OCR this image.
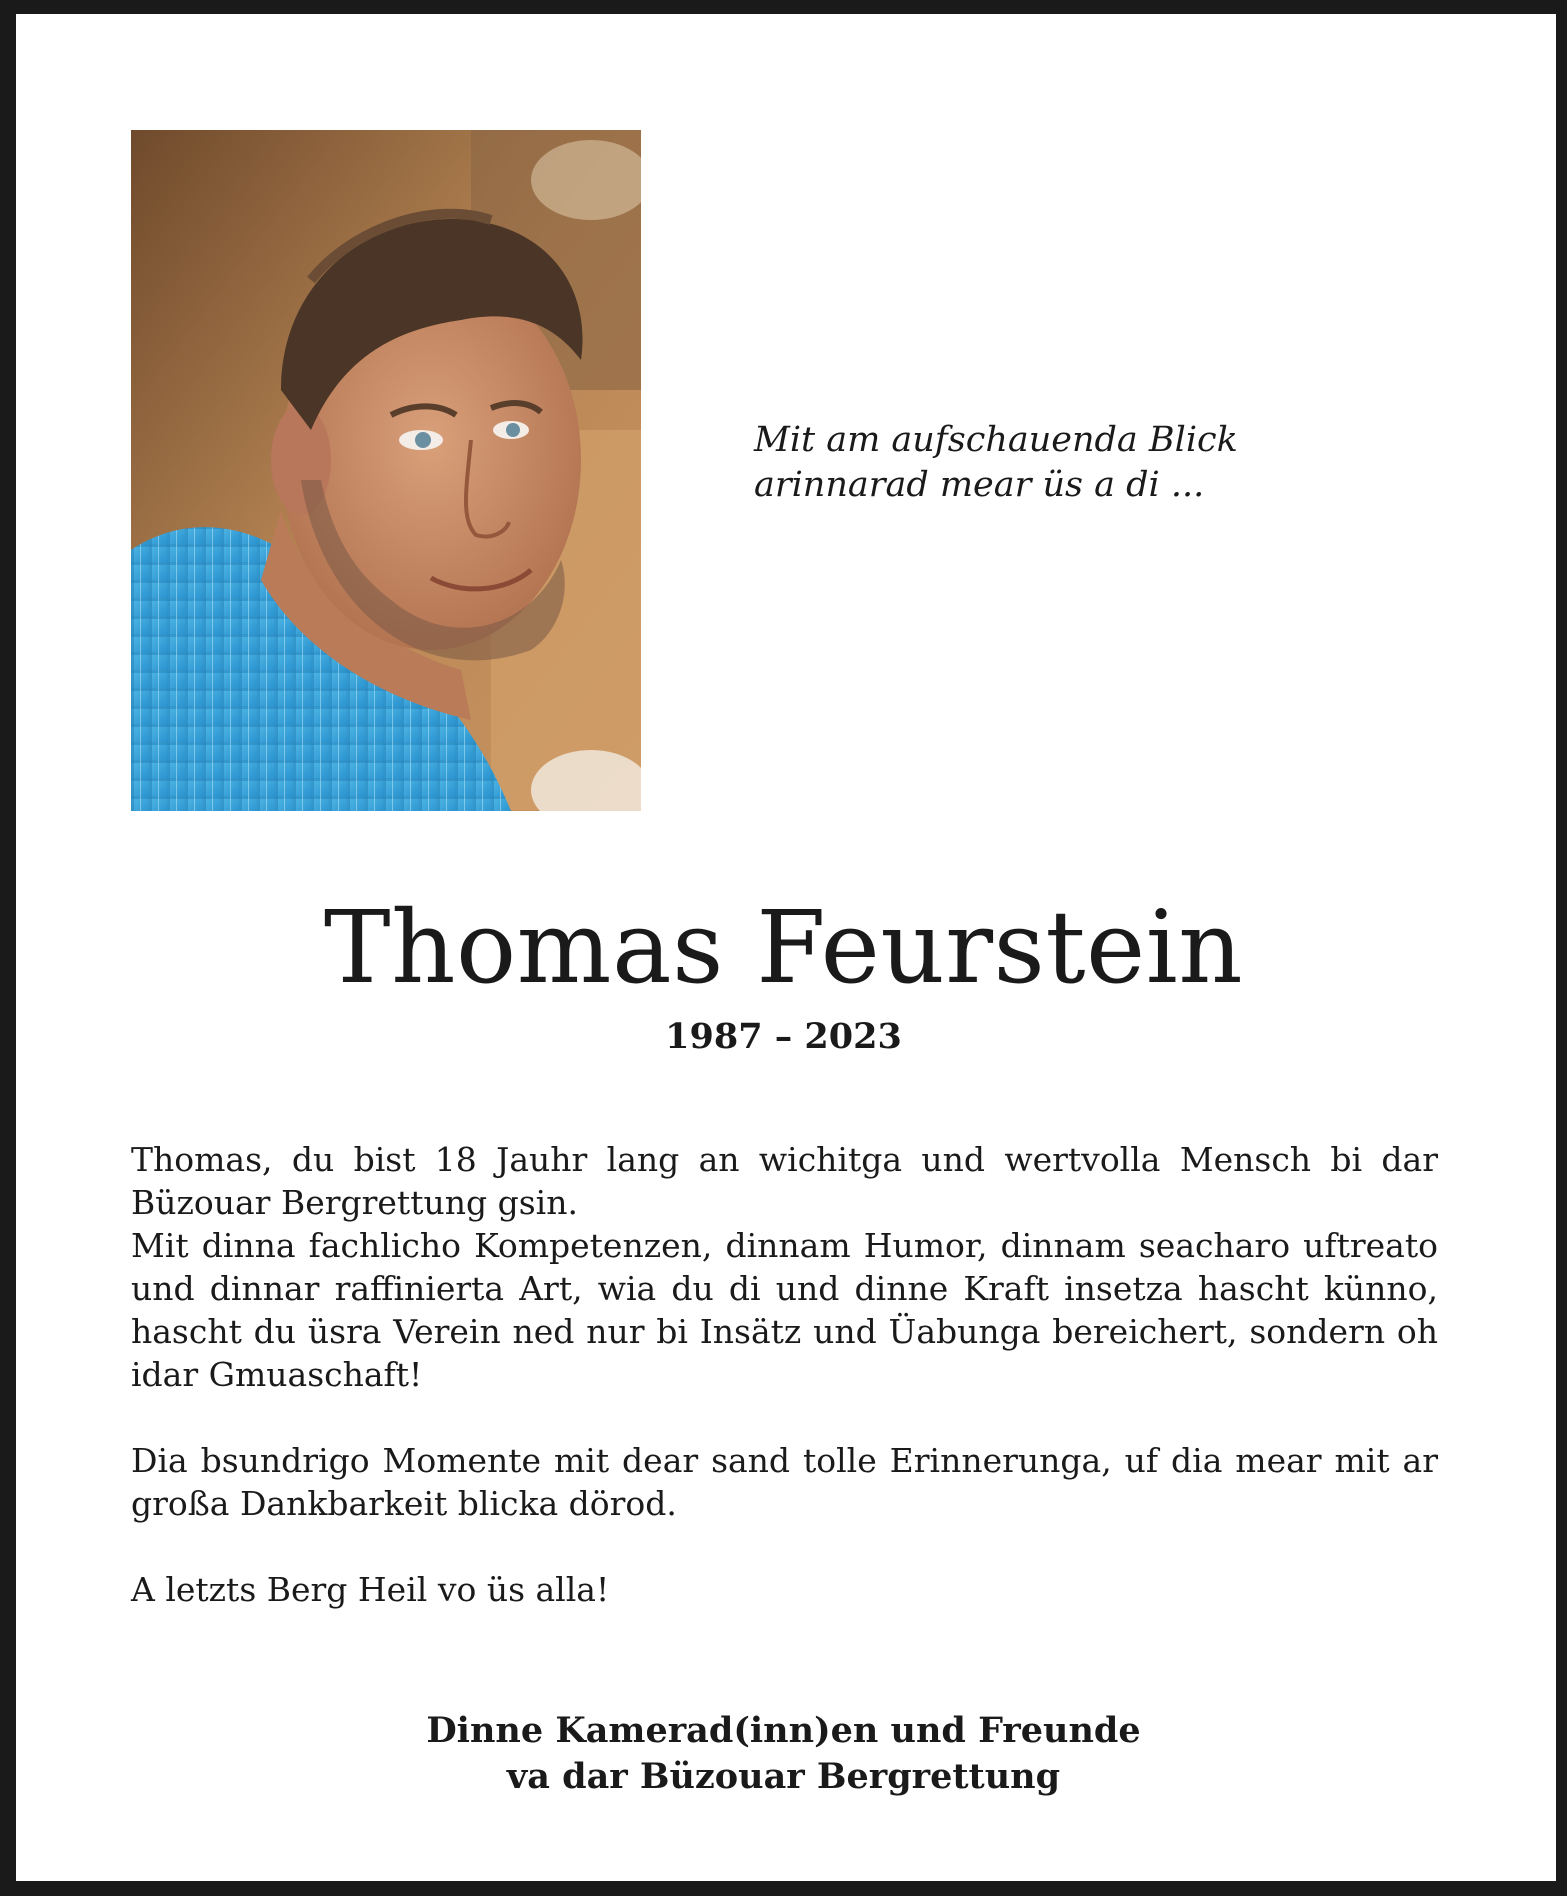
Mit am aufschauenda Blick
arinnarad mear üs a di ...
Thomas Feurstein
1987 – 2023

Thomas, du bist 18 Jauhr lang an wichitga und wertvolla Mensch bi dar Büzouar Bergrettung gsin.

Mit dinna fachlicho Kompetenzen, dinnam Humor, dinnam seacharo uftreato und dinnar raffinierta Art, wia du di und dinne Kraft insetza hascht künno, hascht du üsra Verein ned nur bi Insätz und Üabunga bereichert, sondern oh idar Gmuaschaft!

Dia bsundrigo Momente mit dear sand tolle Erinnerunga, uf dia mear mit ar großa Dankbarkeit blicka dörod.

A letzts Berg Heil vo üs alla!

Dinne Kamerad(inn)en und Freunde
va dar Büzouar Bergrettung
